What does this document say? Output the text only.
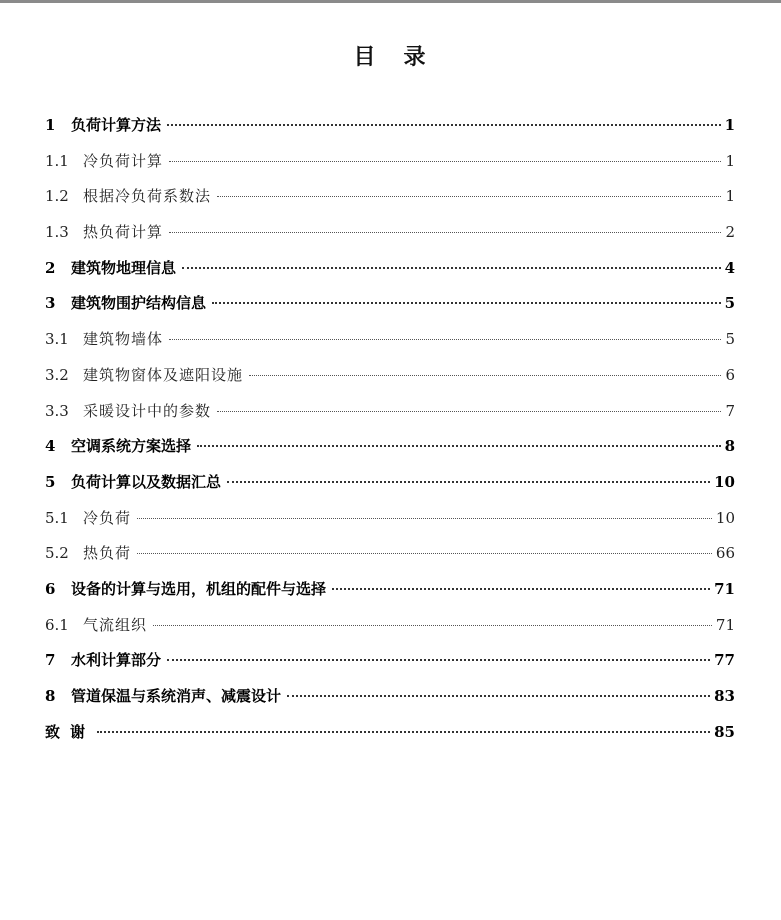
目 录
1	负荷计算方法	1
1.1 冷负荷计算	1
1.2 根据冷负荷系数法	1
1.3 热负荷计算	2
2	建筑物地理信息	4
3	建筑物围护结构信息	5
3.1 建筑物墙体	5
3.2 建筑物窗体及遮阳设施	6
3.3 采暖设计中的参数	7
4	空调系统方案选择	8
5	负荷计算以及数据汇总	10
5.1 冷负荷	10
5.2 热负荷	66
6	设备的计算与选用，机组的配件与选择	71
6.1 气流组织	71
7	水利计算部分	77
8	管道保温与系统消声、减震设计	83
致谢	85
